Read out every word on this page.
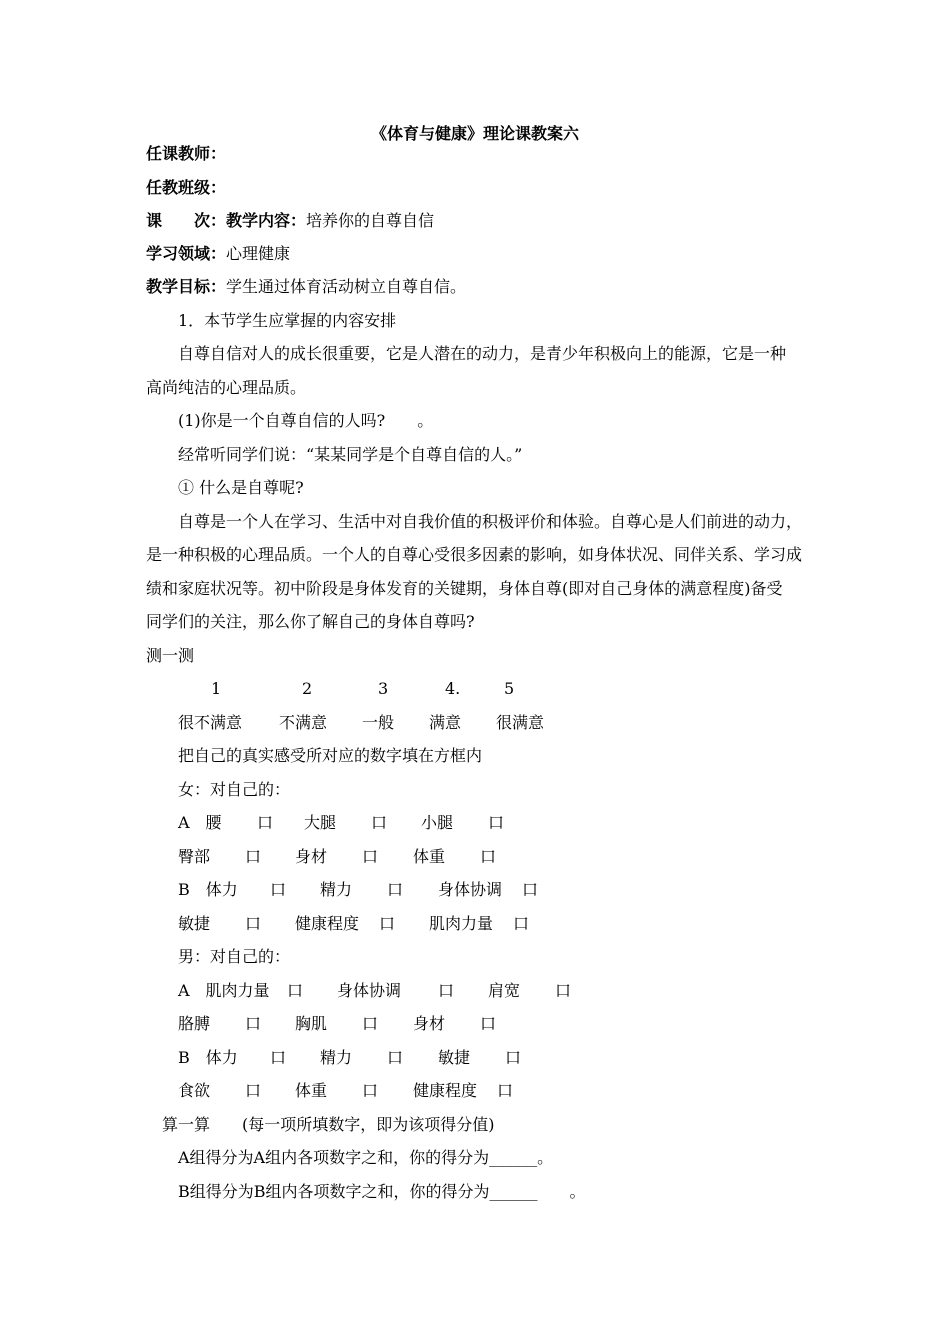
《体育与健康》理论课教案六
任课教师：
任教班级：
课　　次：教学内容：培养你的自尊自信
学习领域：心理健康
教学目标：学生通过体育活动树立自尊自信。
1．本节学生应掌握的内容安排
自尊自信对人的成长很重要，它是人潜在的动力，是青少年积极向上的能源，它是一种
高尚纯洁的心理品质。
(1)你是一个自尊自信的人吗?　　。
经常听同学们说：“某某同学是个自尊自信的人。”
① 什么是自尊呢?
自尊是一个人在学习、生活中对自我价值的积极评价和体验。自尊心是人们前进的动力，
是一种积极的心理品质。一个人的自尊心受很多因素的影响，如身体状况、同伴关系、学习成
绩和家庭状况等。初中阶段是身体发育的关键期，身体自尊(即对自己身体的满意程度)备受
同学们的关注，那么你了解自己的身体自尊吗?
测一测
1	2	3	4.	5
很不满意 不满意 一般 满意 很满意
把自己的真实感受所对应的数字填在方框内
女：对自己的：
A　腰 口 大腿 口 小腿 口
臀部 口 身材 口 体重 口
B　体力 口 精力 口 身体协调 口
敏捷 口 健康程度 口 肌肉力量 口
男：对自己的：
A　肌肉力量 口 身体协调 口 肩宽 口
胳膊 口 胸肌 口 身材 口
B　体力 口 精力 口 敏捷 口
食欲 口 体重 口 健康程度 口
算一算　　(每一项所填数字，即为该项得分值)
A组得分为A组内各项数字之和，你的得分为______。
B组得分为B组内各项数字之和，你的得分为______　　。
